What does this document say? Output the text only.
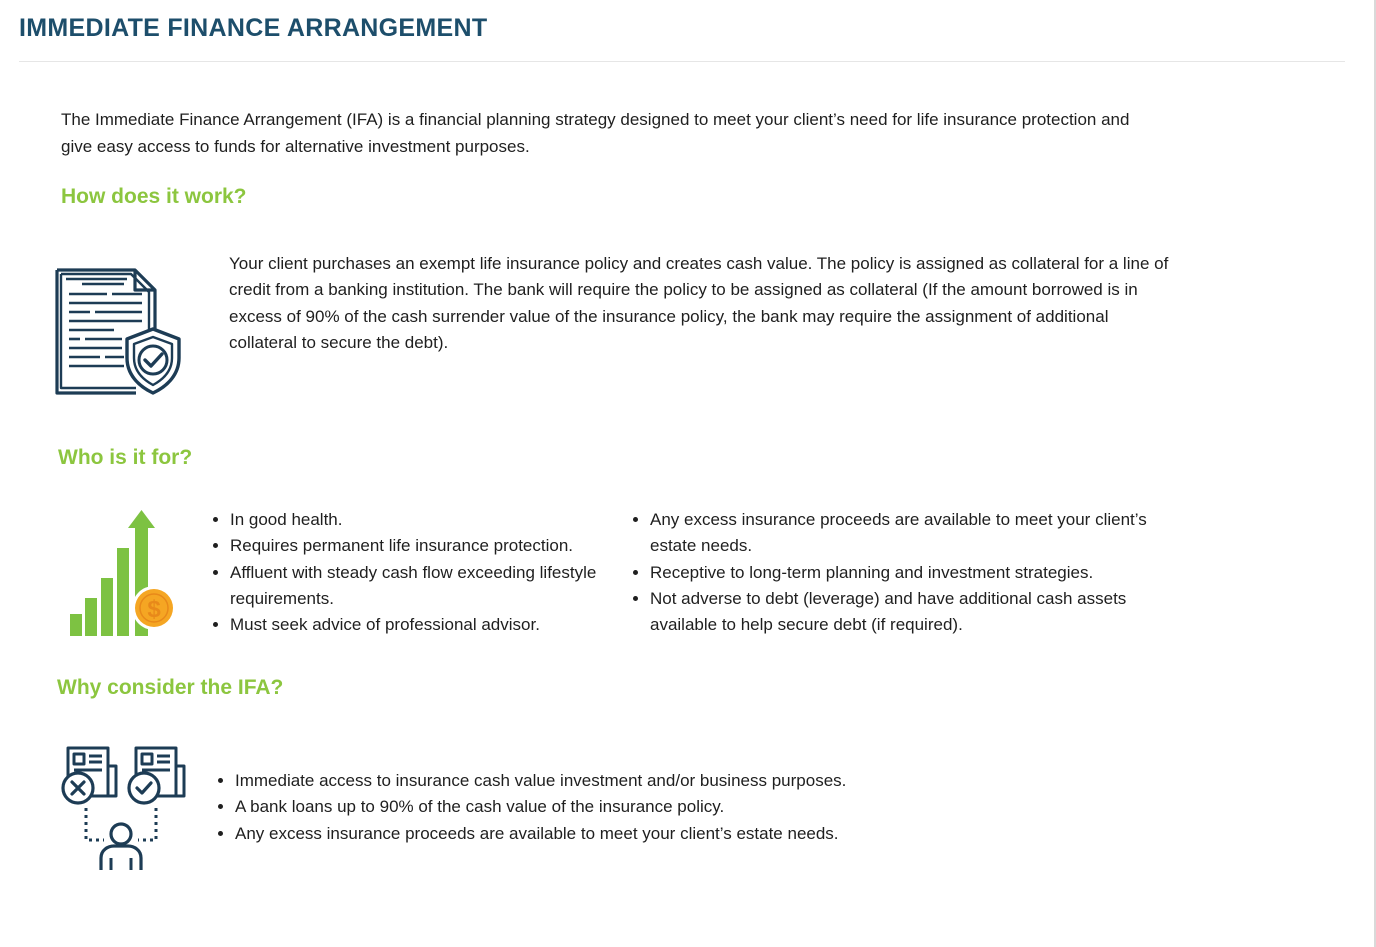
IMMEDIATE FINANCE ARRANGEMENT

The Immediate Finance Arrangement (IFA) is a financial planning strategy designed to meet your client’s need for life insurance protection and give easy access to funds for alternative investment purposes.

How does it work?

Your client purchases an exempt life insurance policy and creates cash value. The policy is assigned as collateral for a line of credit from a banking institution. The bank will require the policy to be assigned as collateral (If the amount borrowed is in excess of 90% of the cash surrender value of the insurance policy, the bank may require the assignment of additional collateral to secure the debt).

Who is it for?
$
• In good health.
• Requires permanent life insurance protection.
• Affluent with steady cash flow exceeding lifestyle requirements.
• Must seek advice of professional advisor.
• Any excess insurance proceeds are available to meet your client’s estate needs.
• Receptive to long-term planning and investment strategies.
• Not adverse to debt (leverage) and have additional cash assets available to help secure debt (if required).
Why consider the IFA?
• Immediate access to insurance cash value investment and/or business purposes.
• A bank loans up to 90% of the cash value of the insurance policy.
• Any excess insurance proceeds are available to meet your client’s estate needs.
